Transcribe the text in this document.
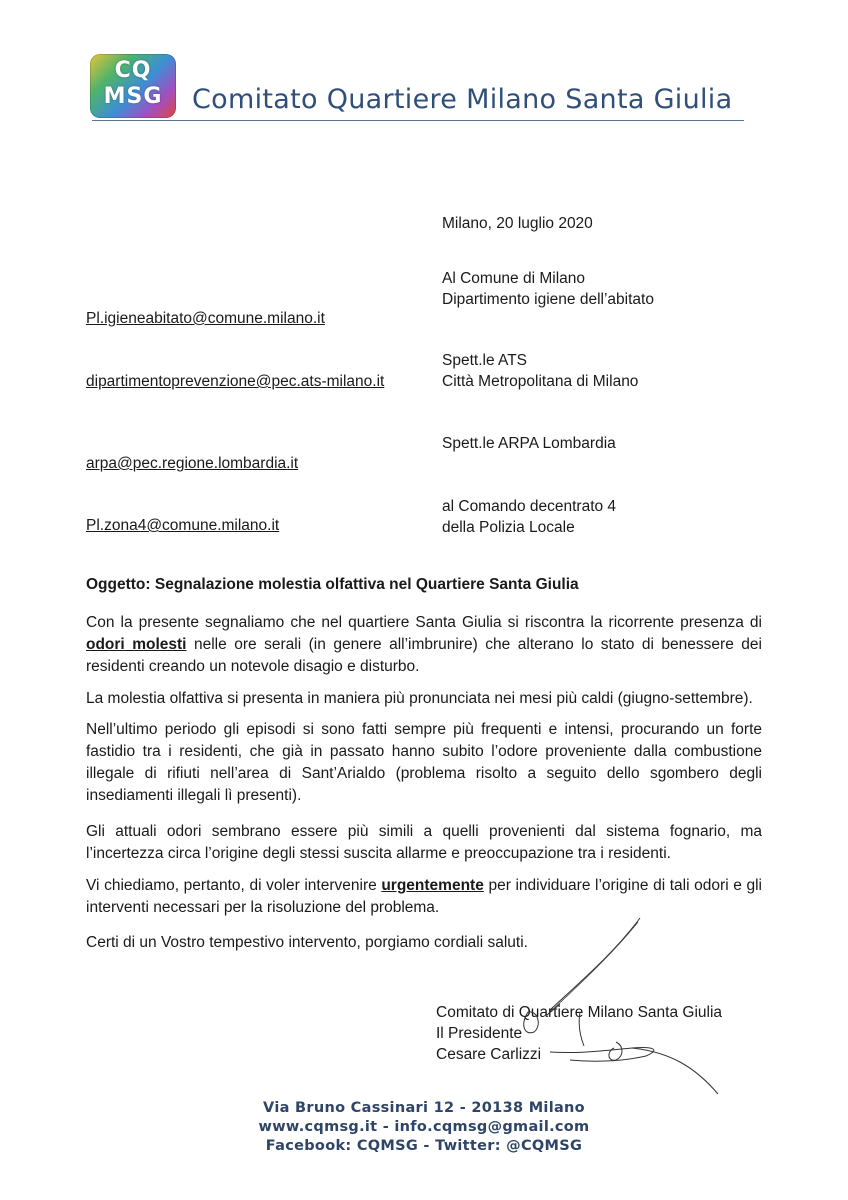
CQ
MSG	Comitato Quartiere Milano Santa Giulia
Milano, 20 luglio 2020
Al Comune di Milano
Dipartimento igiene dell’abitato
Pl.igieneabitato@comune.milano.it
Spett.le ATS
Città Metropolitana di Milano
dipartimentoprevenzione@pec.ats-milano.it
Spett.le ARPA Lombardia
arpa@pec.regione.lombardia.it
al Comando decentrato 4
della Polizia Locale
Pl.zona4@comune.milano.it
Oggetto: Segnalazione molestia olfattiva nel Quartiere Santa Giulia
Con la presente segnaliamo che nel quartiere Santa Giulia si riscontra la ricorrente presenza di odori molesti nelle ore serali (in genere all’imbrunire) che alterano lo stato di benessere dei residenti creando un notevole disagio e disturbo.
La molestia olfattiva si presenta in maniera più pronunciata nei mesi più caldi (giugno-settembre).
Nell’ultimo periodo gli episodi si sono fatti sempre più frequenti e intensi, procurando un forte fastidio tra i residenti, che già in passato hanno subito l’odore proveniente dalla combustione illegale di rifiuti nell’area di Sant’Arialdo (problema risolto a seguito dello sgombero degli insediamenti illegali lì presenti).
Gli attuali odori sembrano essere più simili a quelli provenienti dal sistema fognario, ma l’incertezza circa l’origine degli stessi suscita allarme e preoccupazione tra i residenti.
Vi chiediamo, pertanto, di voler intervenire urgentemente per individuare l’origine di tali odori e gli interventi necessari per la risoluzione del problema.
Certi di un Vostro tempestivo intervento, porgiamo cordiali saluti.
Comitato di Quartiere Milano Santa Giulia
Il Presidente
Cesare Carlizzi
Via Bruno Cassinari 12 - 20138 Milano
www.cqmsg.it - info.cqmsg@gmail.com
Facebook: CQMSG - Twitter: @CQMSG
